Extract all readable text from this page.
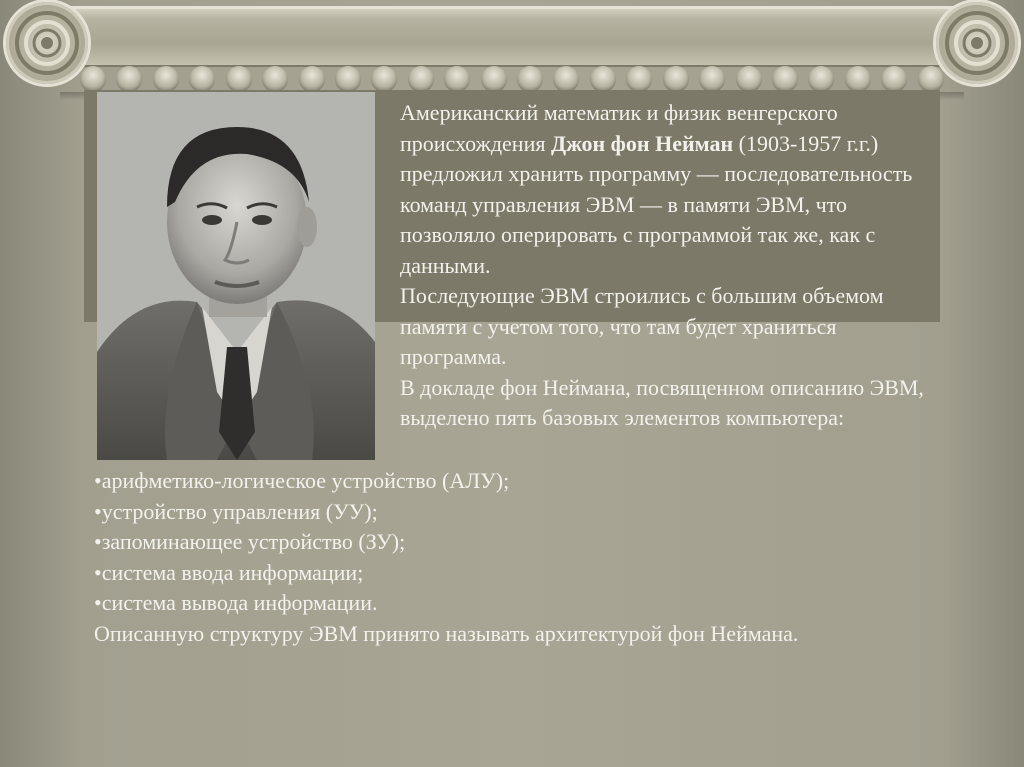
Американский математик и физик венгерского происхождения Джон фон Нейман (1903-1957 г.г.) предложил хранить программу — последовательность команд управления ЭВМ — в памяти ЭВМ, что позволяло оперировать с программой так же, как с данными.

Последующие ЭВМ строились с большим объемом памяти с учетом того, что там будет храниться программа.

В докладе фон Неймана, посвященном описанию ЭВМ, выделено пять базовых элементов компьютера:

•арифметико-логическое устройство (АЛУ);

•устройство управления (УУ);

•запоминающее устройство (ЗУ);

•система ввода информации;

•система вывода информации.

Описанную структуру ЭВМ принято называть архитектурой фон Неймана.
